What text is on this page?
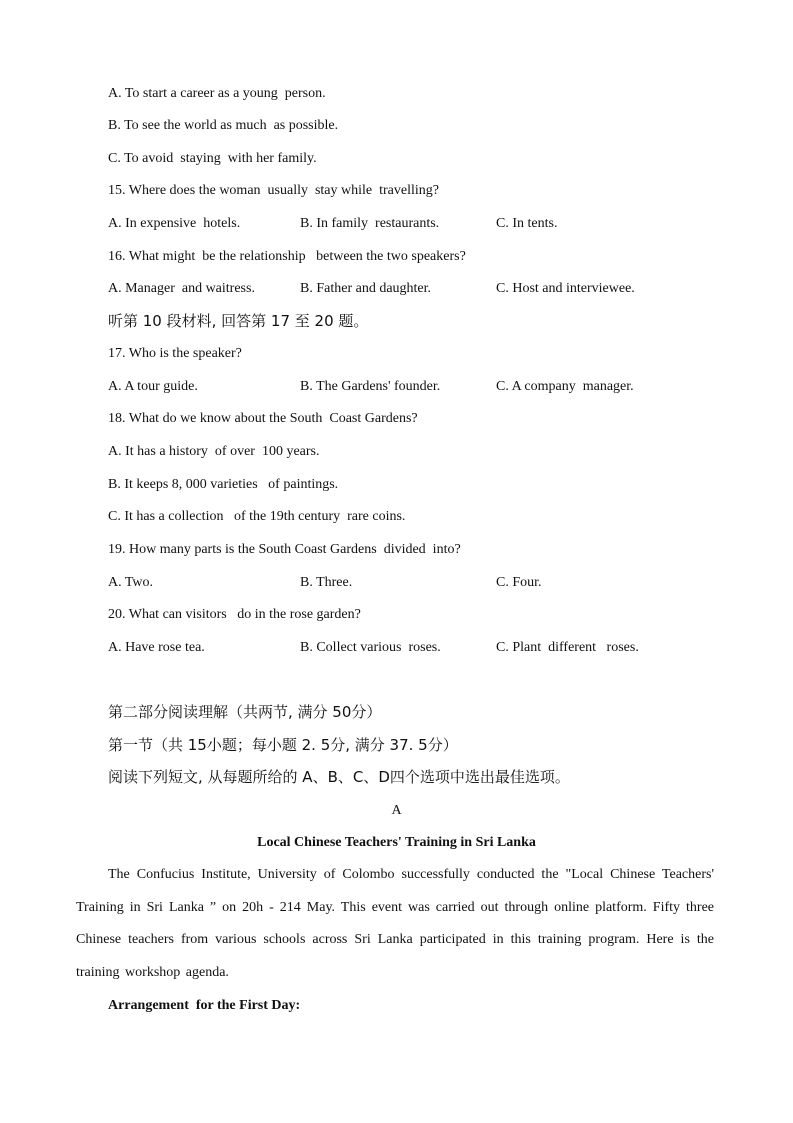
A. To start a career as a young  person.
B. To see the world as much  as possible.
C. To avoid  staying  with her family.
15. Where does the woman  usually  stay while  travelling?

A. In expensive  hotels.

	B. In family  restaurants.

	C. In tents.

16. What might  be the relationship   between the two speakers?

A. Manager  and waitress.

	B. Father and daughter.

	C. Host and interviewee.

听第 10 段材料, 回答第 17 至 20 题。
17. Who is the speaker?

A. A tour guide.

	B. The Gardens' founder.

	C. A company  manager.

18. What do we know about the South  Coast Gardens?
A. It has a history  of over  100 years.
B. It keeps 8, 000 varieties   of paintings.
C. It has a collection   of the 19th century  rare coins.
19. How many parts is the South Coast Gardens  divided  into?

A. Two.

	B. Three.

	C. Four.

20. What can visitors   do in the rose garden?

A. Have rose tea.

	B. Collect various  roses.

	C. Plant  different   roses.

第二部分阅读理解（共两节, 满分 50分）
第一节（共 15小题；每小题 2. 5分, 满分 37. 5分）
阅读下列短文, 从每题所给的 A、B、C、D四个选项中选出最佳选项。
A
Local Chinese Teachers' Training in Sri Lanka
The Confucius Institute, University of Colombo successfully conducted the "Local Chinese Teachers' Training in Sri Lanka ” on 20h - 214 May. This event was carried out through online platform. Fifty three Chinese teachers from various schools across Sri Lanka participated in this training program. Here is the training workshop agenda.
Arrangement  for the First Day:
